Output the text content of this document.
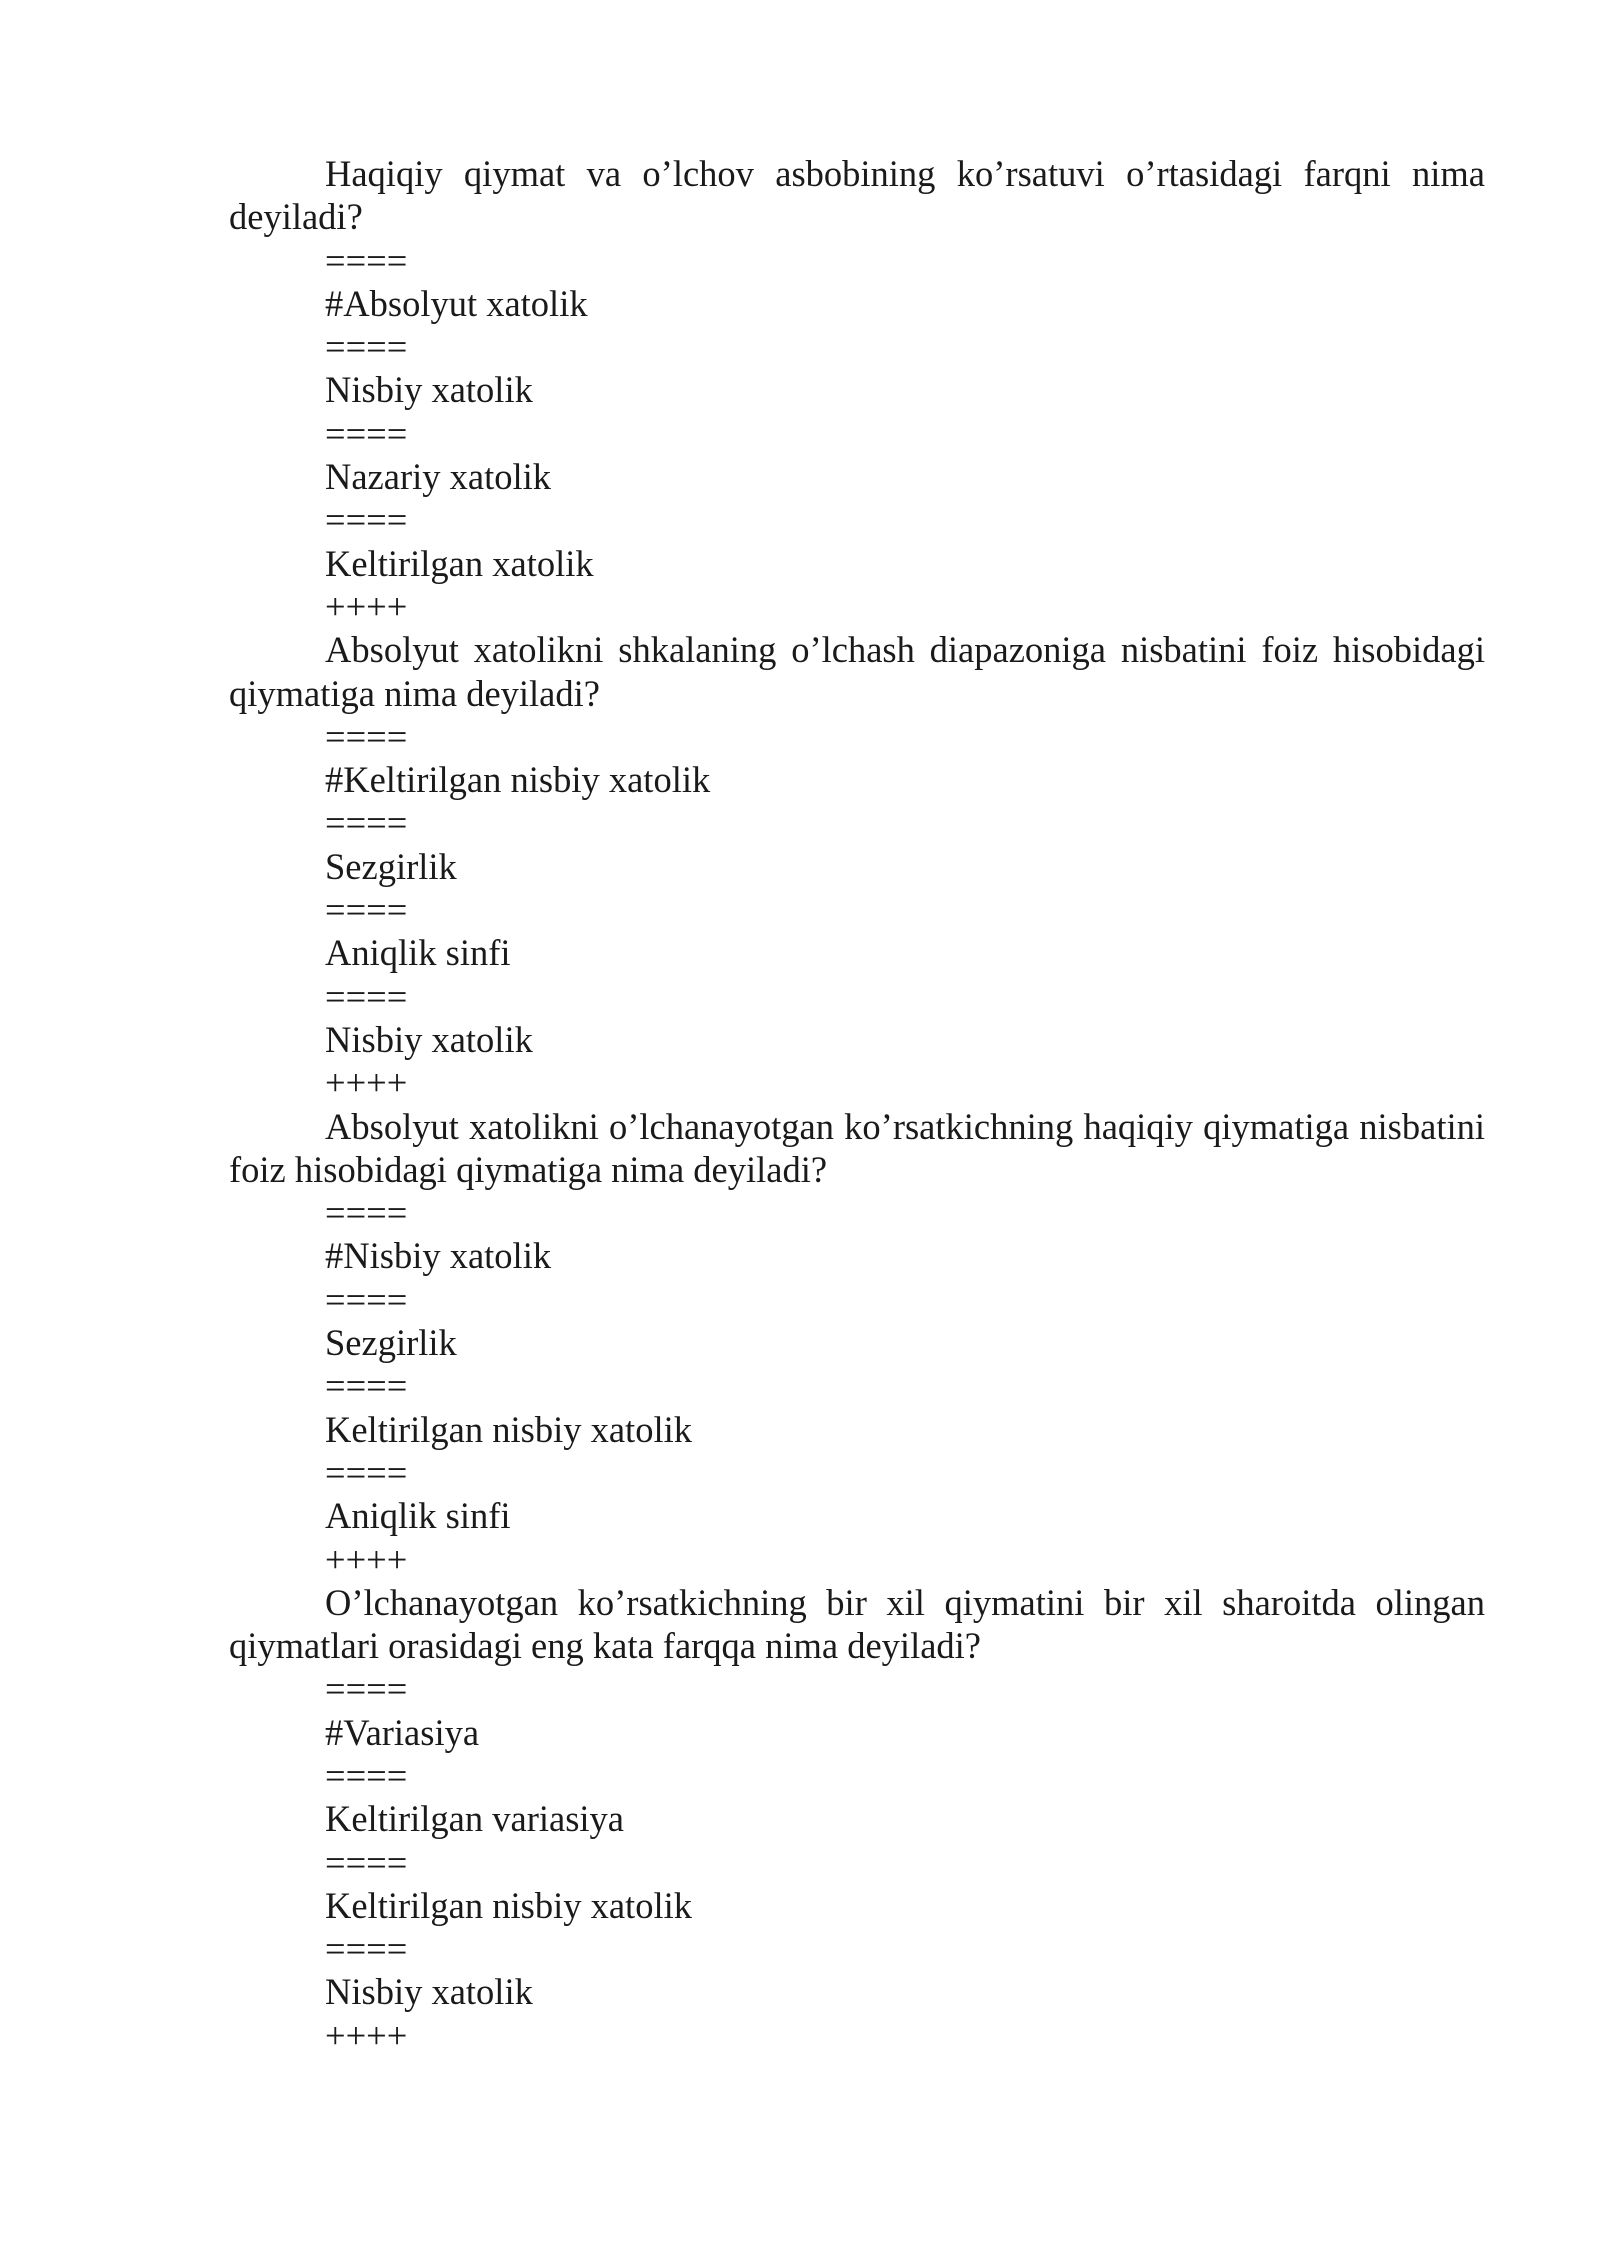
Haqiqiy qiymat va o’lchov asbobining ko’rsatuvi o’rtasidagi farqni nima deyiladi?

====
#Absolyut xatolik
====
Nisbiy xatolik
====
Nazariy xatolik
====
Keltirilgan xatolik
++++

Absolyut xatolikni shkalaning o’lchash diapazoniga nisbatini foiz hisobidagi qiymatiga nima deyiladi?

====
#Keltirilgan nisbiy xatolik
====
Sezgirlik
====
Aniqlik sinfi
====
Nisbiy xatolik
++++

Absolyut xatolikni o’lchanayotgan ko’rsatkichning haqiqiy qiymatiga nisbatini foiz hisobidagi qiymatiga nima deyiladi?

====
#Nisbiy xatolik
====
Sezgirlik
====
Keltirilgan nisbiy xatolik
====
Aniqlik sinfi
++++

O’lchanayotgan ko’rsatkichning bir xil qiymatini bir xil sharoitda olingan qiymatlari orasidagi eng kata farqqa nima deyiladi?

====
#Variasiya
====
Keltirilgan variasiya
====
Keltirilgan nisbiy xatolik
====
Nisbiy xatolik
++++
